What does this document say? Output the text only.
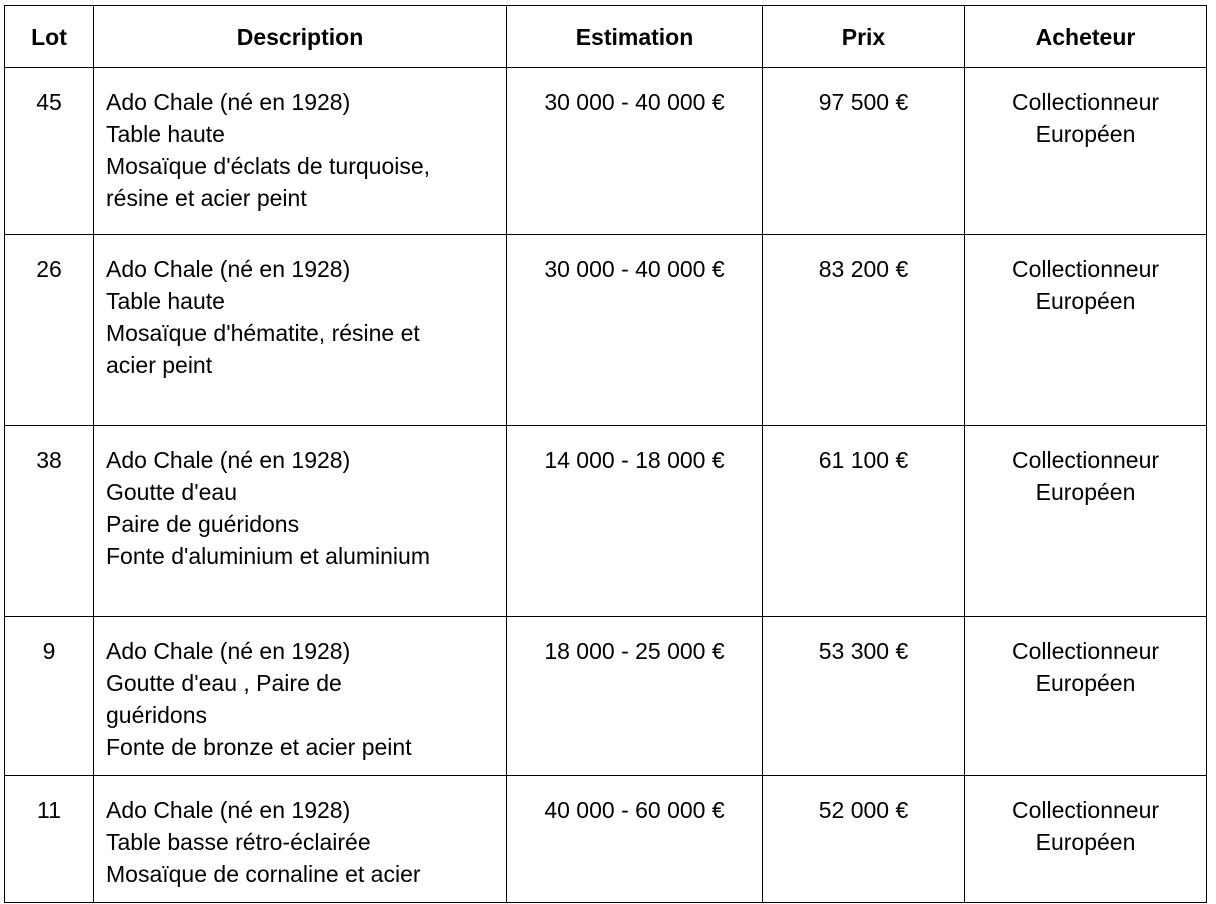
Lot	Description	Estimation	Prix	Acheteur
45	Ado Chale (né en 1928)
Table haute
Mosaïque d'éclats de turquoise,
résine et acier peint	30 000 - 40 000 €	97 500 €	Collectionneur
Européen

26	Ado Chale (né en 1928)
Table haute
Mosaïque d'hématite, résine et
acier peint	30 000 - 40 000 €	83 200 €	Collectionneur
Européen

38	Ado Chale (né en 1928)
Goutte d'eau
Paire de guéridons
Fonte d'aluminium et aluminium	14 000 - 18 000 €	61 100 €	Collectionneur
Européen

9	Ado Chale (né en 1928)
Goutte d'eau , Paire de
guéridons
Fonte de bronze et acier peint	18 000 - 25 000 €	53 300 €	Collectionneur
Européen

11	Ado Chale (né en 1928)
Table basse rétro-éclairée
Mosaïque de cornaline et acier	40 000 - 60 000 €	52 000 €	Collectionneur
Européen
